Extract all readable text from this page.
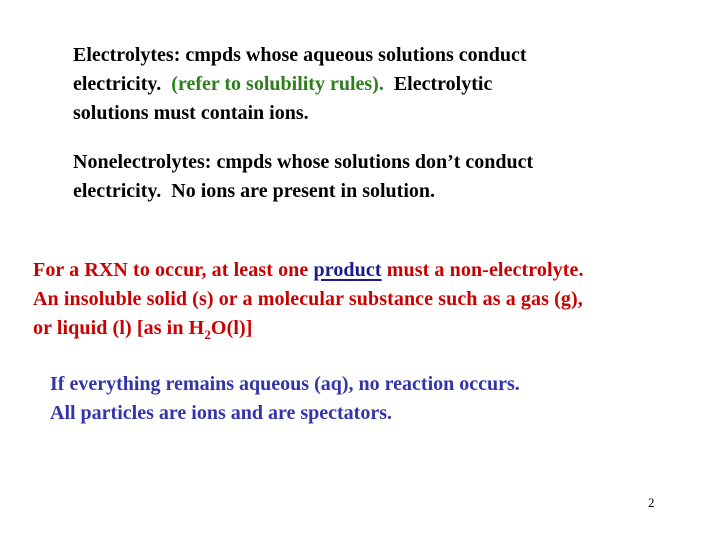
Electrolytes: cmpds whose aqueous solutions conduct
electricity.  (refer to solubility rules).  Electrolytic
solutions must contain ions.
Nonelectrolytes: cmpds whose solutions don’t conduct
electricity.  No ions are present in solution.
For a RXN to occur, at least one product must a non-electrolyte.
An insoluble solid (s) or a molecular substance such as a gas (g),
or liquid (l) [as in $H_2O(l)$]
If everything remains aqueous (aq), no reaction occurs.
All particles are ions and are spectators.
2
